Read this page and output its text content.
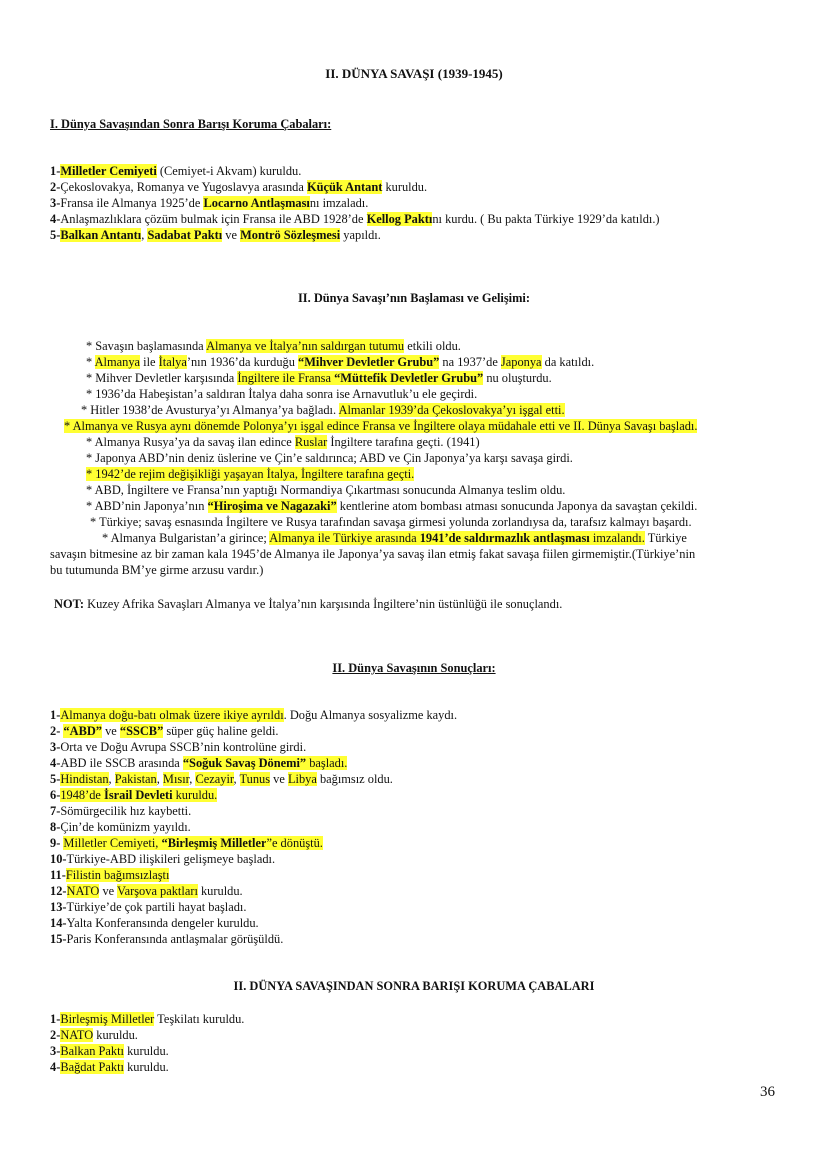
II. DÜNYA SAVAŞI (1939-1945)
I. Dünya Savaşından Sonra Barışı Koruma Çabaları:
1-Milletler Cemiyeti (Cemiyet-i Akvam) kuruldu.
2-Çekoslovakya, Romanya ve Yugoslavya arasında Küçük Antant kuruldu.
3-Fransa ile Almanya 1925’de Locarno Antlaşmasını imzaladı.
4-Anlaşmazlıklara çözüm bulmak için Fransa ile ABD 1928’de Kellog Paktını kurdu. ( Bu pakta Türkiye 1929’da katıldı.)
5-Balkan Antantı, Sadabat Paktı ve Montrö Sözleşmesi yapıldı.
II. Dünya Savaşı’nın Başlaması ve Gelişimi:
* Savaşın başlamasında Almanya ve İtalya’nın saldırgan tutumu etkili oldu.
* Almanya ile İtalya’nın 1936’da kurduğu “Mihver Devletler Grubu” na 1937’de Japonya da katıldı.
* Mihver Devletler karşısında İngiltere ile Fransa “Müttefik Devletler Grubu” nu oluşturdu.
* 1936’da Habeşistan’a saldıran İtalya daha sonra ise Arnavutluk’u ele geçirdi.
* Hitler 1938’de Avusturya’yı Almanya’ya bağladı. Almanlar 1939’da Çekoslovakya’yı işgal etti.
* Almanya ve Rusya aynı dönemde Polonya’yı işgal edince Fransa ve İngiltere olaya müdahale etti ve II. Dünya Savaşı başladı.
* Almanya Rusya’ya da savaş ilan edince Ruslar İngiltere tarafına geçti. (1941)
* Japonya ABD’nin deniz üslerine ve Çin’e saldırınca; ABD ve Çin Japonya’ya karşı savaşa girdi.
* 1942’de rejim değişikliği yaşayan İtalya, İngiltere tarafına geçti.
* ABD, İngiltere ve Fransa’nın yaptığı Normandiya Çıkartması sonucunda Almanya teslim oldu.
* ABD’nin Japonya’nın “Hiroşima ve Nagazaki” kentlerine atom bombası atması sonucunda Japonya da savaştan çekildi.
* Türkiye; savaş esnasında İngiltere ve Rusya tarafından savaşa girmesi yolunda zorlandıysa da, tarafsız kalmayı başardı.
* Almanya Bulgaristan’a girince; Almanya ile Türkiye arasında 1941’de saldırmazlık antlaşması imzalandı. Türkiye
savaşın bitmesine az bir zaman kala 1945’de Almanya ile Japonya’ya savaş ilan etmiş fakat savaşa fiilen girmemiştir.(Türkiye’nin
bu tutumunda BM’ye girme arzusu vardır.)
NOT: Kuzey Afrika Savaşları Almanya ve İtalya’nın karşısında İngiltere’nin üstünlüğü ile sonuçlandı.
II. Dünya Savaşının Sonuçları:
1-Almanya doğu-batı olmak üzere ikiye ayrıldı. Doğu Almanya sosyalizme kaydı.
2- “ABD” ve “SSCB” süper güç haline geldi.
3-Orta ve Doğu Avrupa SSCB’nin kontrolüne girdi.
4-ABD ile SSCB arasında “Soğuk Savaş Dönemi” başladı.
5-Hindistan, Pakistan, Mısır, Cezayir, Tunus ve Libya bağımsız oldu.
6-1948’de İsrail Devleti kuruldu.
7-Sömürgecilik hız kaybetti.
8-Çin’de komünizm yayıldı.
9- Milletler Cemiyeti, “Birleşmiş Milletler”e dönüştü.
10-Türkiye-ABD ilişkileri gelişmeye başladı.
11-Filistin bağımsızlaştı
12-NATO ve Varşova paktları kuruldu.
13-Türkiye’de çok partili hayat başladı.
14-Yalta Konferansında dengeler kuruldu.
15-Paris Konferansında antlaşmalar görüşüldü.
II. DÜNYA SAVAŞINDAN SONRA BARIŞI KORUMA ÇABALARI
1-Birleşmiş Milletler Teşkilatı kuruldu.
2-NATO kuruldu.
3-Balkan Paktı kuruldu.
4-Bağdat Paktı kuruldu.
36
